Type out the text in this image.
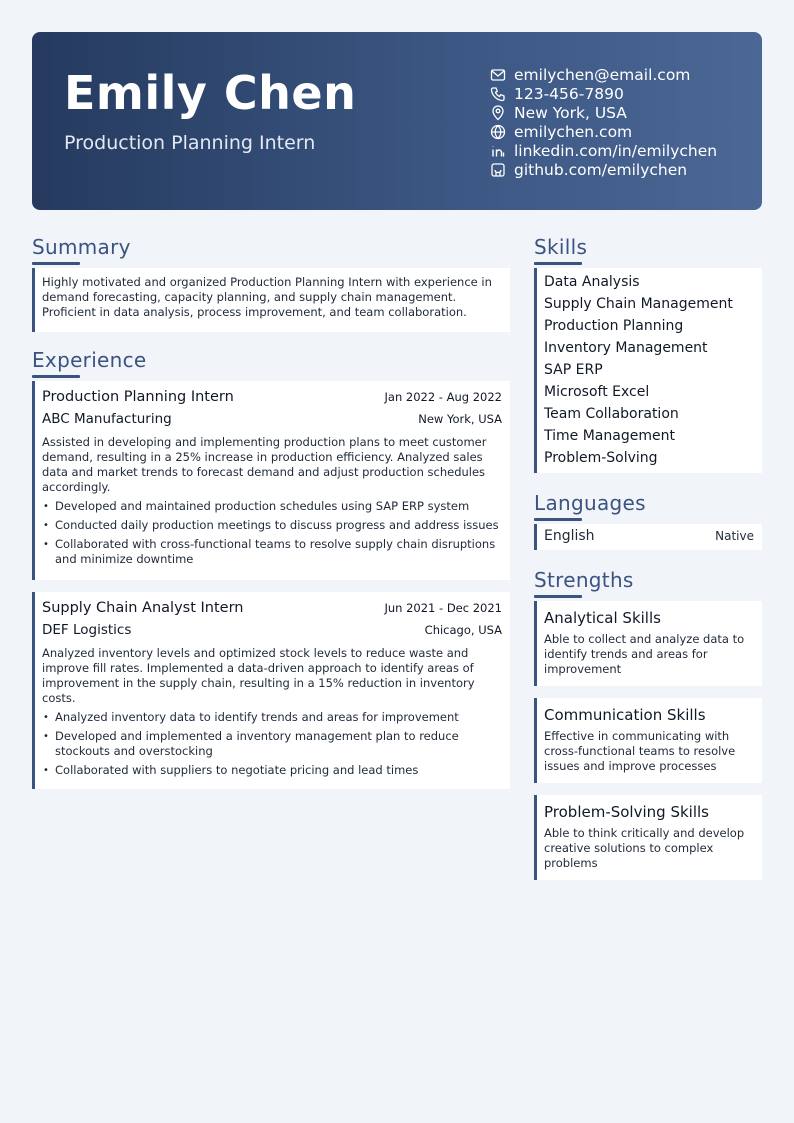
Emily Chen
Production Planning Intern
emilychen@email.com
123-456-7890
New York, USA
emilychen.com
linkedin.com/in/emilychen
github.com/emilychen
Summary
Highly motivated and organized Production Planning Intern with experience in demand forecasting, capacity planning, and supply chain management. Proficient in data analysis, process improvement, and team collaboration.
Experience
Production Planning Intern	Jan 2022 - Aug 2022
ABC Manufacturing	New York, USA
Assisted in developing and implementing production plans to meet customer demand, resulting in a 25% increase in production efficiency. Analyzed sales data and market trends to forecast demand and adjust production schedules accordingly.
• Developed and maintained production schedules using SAP ERP system
• Conducted daily production meetings to discuss progress and address issues
• Collaborated with cross-functional teams to resolve supply chain disruptions and minimize downtime
Supply Chain Analyst Intern	Jun 2021 - Dec 2021
DEF Logistics	Chicago, USA
Analyzed inventory levels and optimized stock levels to reduce waste and improve fill rates. Implemented a data-driven approach to identify areas of improvement in the supply chain, resulting in a 15% reduction in inventory costs.
• Analyzed inventory data to identify trends and areas for improvement
• Developed and implemented a inventory management plan to reduce stockouts and overstocking
• Collaborated with suppliers to negotiate pricing and lead times
Skills
Data Analysis
Supply Chain Management
Production Planning
Inventory Management
SAP ERP
Microsoft Excel
Team Collaboration
Time Management
Problem-Solving
Languages
English	Native
Strengths
Analytical Skills
Able to collect and analyze data to identify trends and areas for improvement
Communication Skills
Effective in communicating with cross-functional teams to resolve issues and improve processes
Problem-Solving Skills
Able to think critically and develop creative solutions to complex problems
